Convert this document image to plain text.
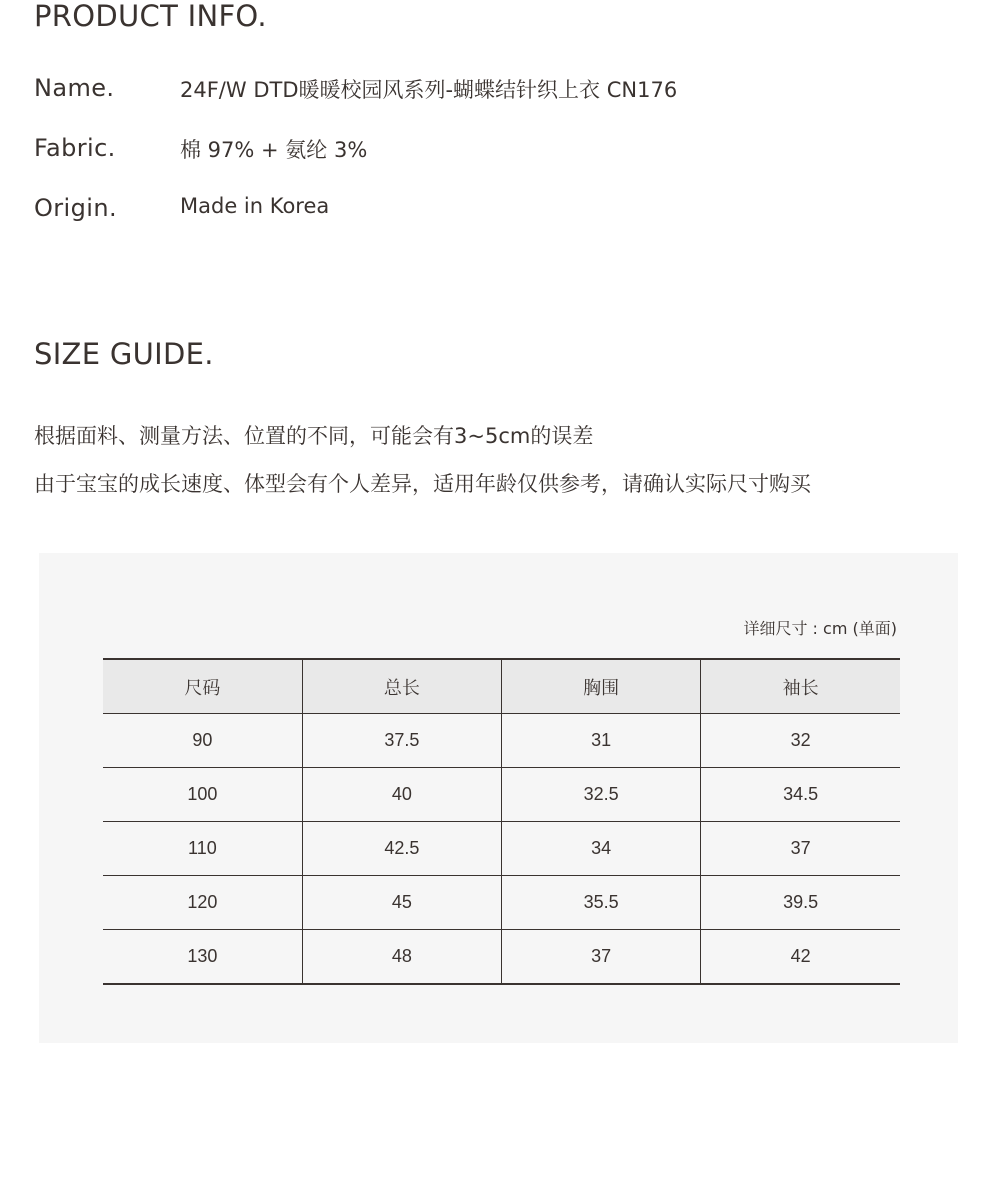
PRODUCT INFO.
Name.	24F/W DTD暖暖校园风系列-蝴蝶结针织上衣 CN176
Fabric.	棉 97% + 氨纶 3%
Origin.	Made in Korea
SIZE GUIDE.
根据面料、测量方法、位置的不同，可能会有3~5cm的误差
由于宝宝的成长速度、体型会有个人差异，适用年龄仅供参考，请确认实际尺寸购买
详细尺寸 : cm (单面)
尺码	总长	胸围	袖长
90	37.5	31	32
100	40	32.5	34.5
110	42.5	34	37
120	45	35.5	39.5
130	48	37	42
